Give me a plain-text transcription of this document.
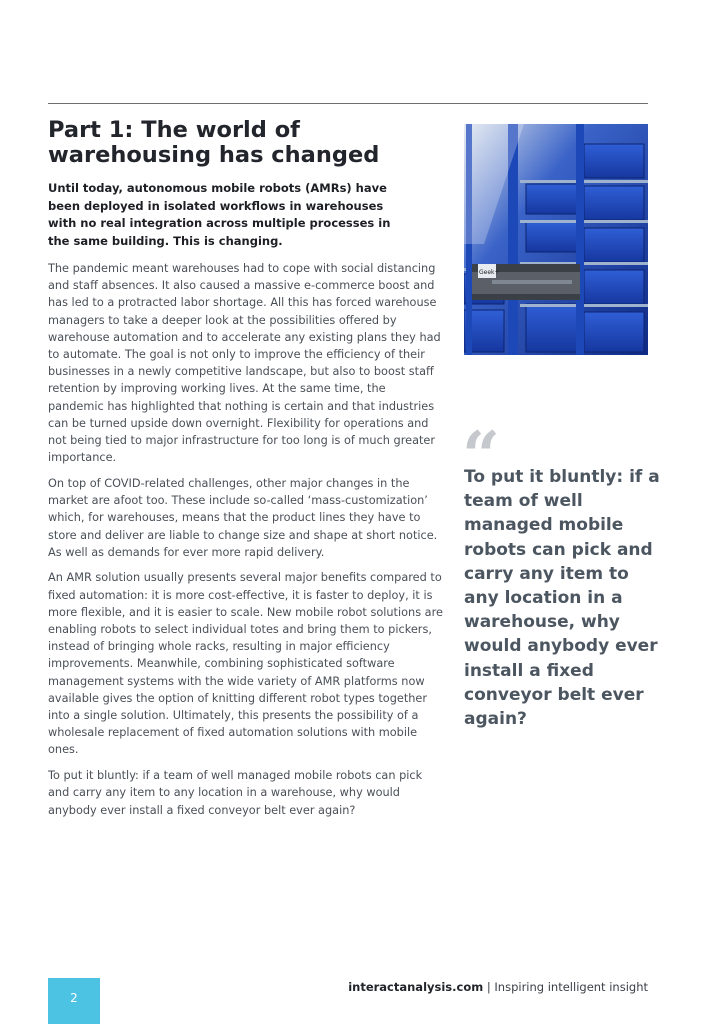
Part 1: The world of warehousing has changed

Until today, autonomous mobile robots (AMRs) have been deployed in isolated workflows in warehouses with no real integration across multiple processes in the same building. This is changing.

The pandemic meant warehouses had to cope with social distancing and staff absences. It also caused a massive e-commerce boost and has led to a protracted labor shortage. All this has forced warehouse managers to take a deeper look at the possibilities offered by warehouse automation and to accelerate any existing plans they had to automate. The goal is not only to improve the efficiency of their businesses in a newly competitive landscape, but also to boost staff retention by improving working lives. At the same time, the pandemic has highlighted that nothing is certain and that industries can be turned upside down overnight. Flexibility for operations and not being tied to major infrastructure for too long is of much greater importance.

On top of COVID-related challenges, other major changes in the market are afoot too. These include so-called ‘mass-customization’ which, for warehouses, means that the product lines they have to store and deliver are liable to change size and shape at short notice. As well as demands for ever more rapid delivery.

An AMR solution usually presents several major benefits compared to fixed automation: it is more cost-effective, it is faster to deploy, it is more flexible, and it is easier to scale. New mobile robot solutions are enabling robots to select individual totes and bring them to pickers, instead of bringing whole racks, resulting in major efficiency improvements. Meanwhile, combining sophisticated software management systems with the wide variety of AMR platforms now available gives the option of knitting different robot types together into a single solution. Ultimately, this presents the possibility of a wholesale replacement of fixed automation solutions with mobile ones.

To put it bluntly: if a team of well managed mobile robots can pick and carry any item to any location in a warehouse, why would anybody ever install a fixed conveyor belt ever again?

Geek+
“

To put it bluntly: if a team of well managed mobile robots can pick and carry any item to any location in a warehouse, why would anybody ever install a fixed conveyor belt ever again?

2
interactanalysis.com | Inspiring intelligent insight
